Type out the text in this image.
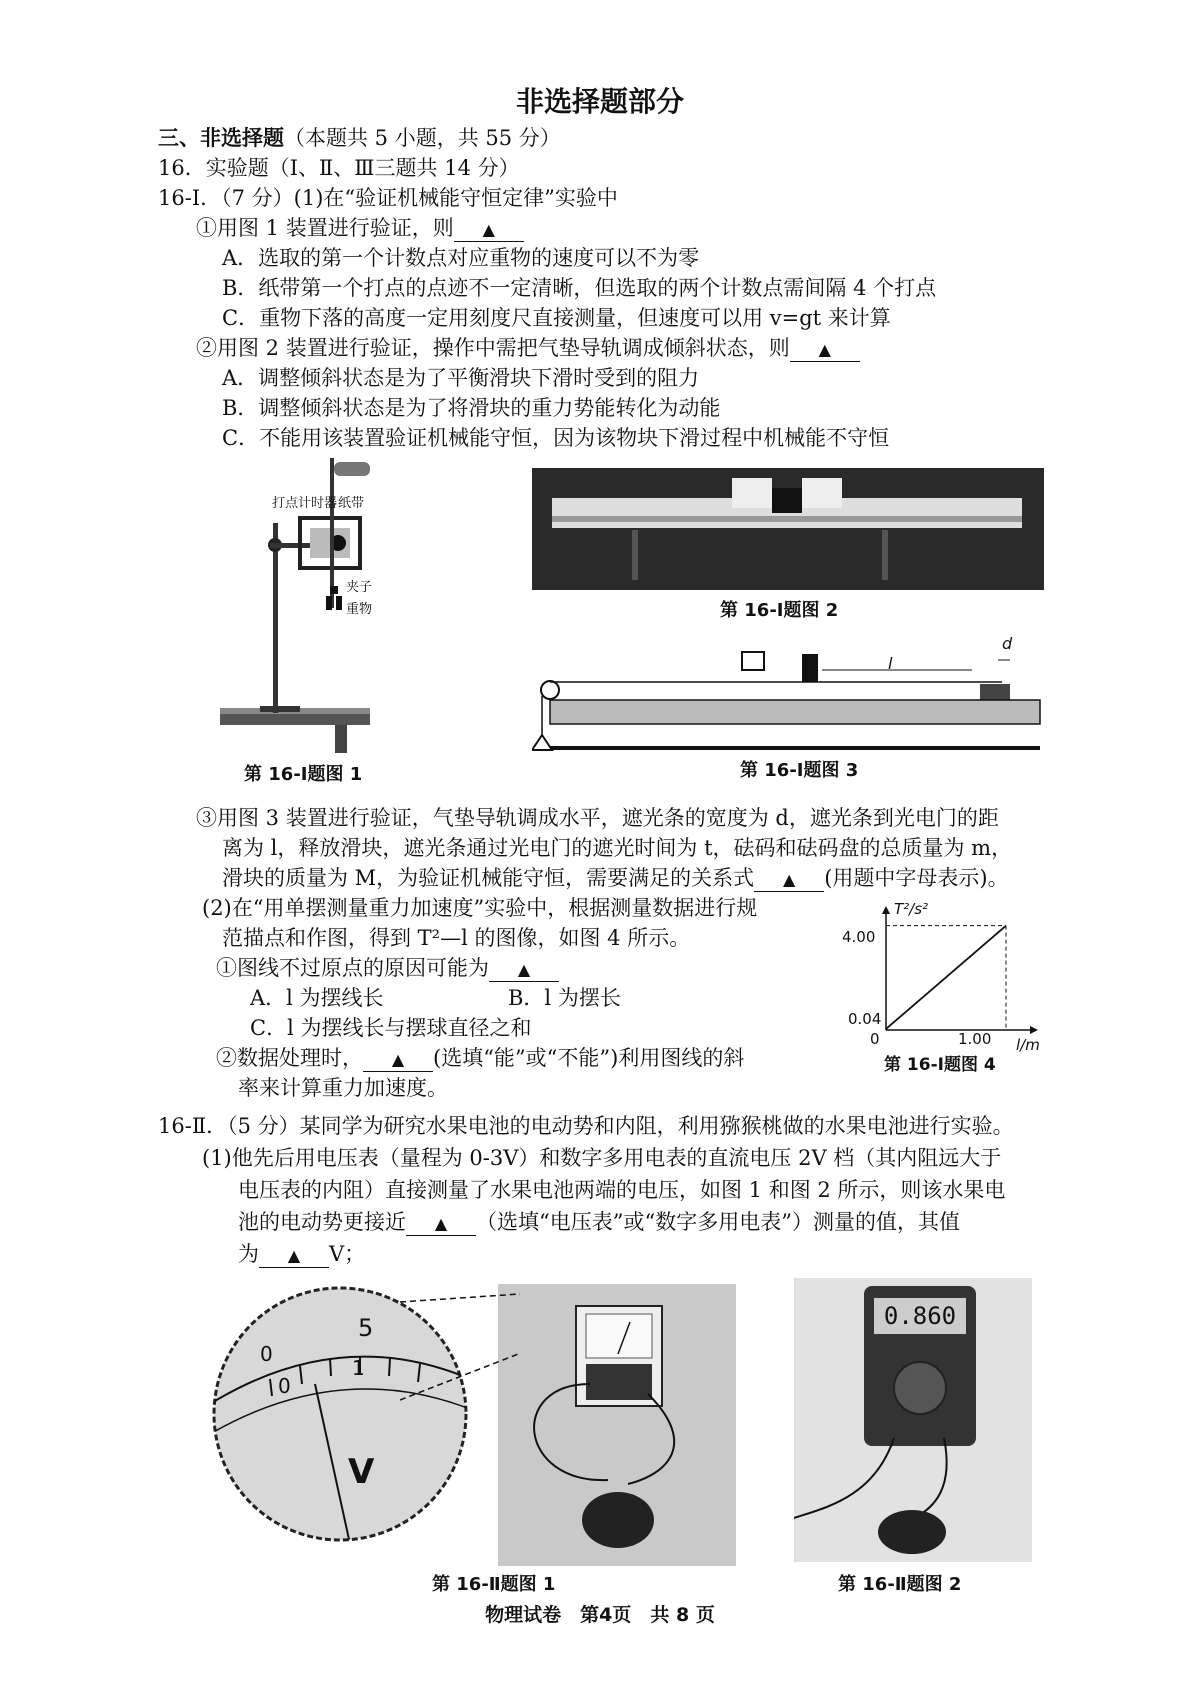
非选择题部分
三、非选择题（本题共 5 小题，共 55 分）
16．实验题（Ⅰ、Ⅱ、Ⅲ三题共 14 分）
16-Ⅰ．（7 分）(1)在“验证机械能守恒定律”实验中
①用图 1 装置进行验证，则 ▲
A．选取的第一个计数点对应重物的速度可以不为零
B．纸带第一个打点的点迹不一定清晰，但选取的两个计数点需间隔 4 个打点
C．重物下落的高度一定用刻度尺直接测量，但速度可以用 v=gt 来计算
②用图 2 装置进行验证，操作中需把气垫导轨调成倾斜状态，则 ▲
A．调整倾斜状态是为了平衡滑块下滑时受到的阻力
B．调整倾斜状态是为了将滑块的重力势能转化为动能
C．不能用该装置验证机械能守恒，因为该物块下滑过程中机械能不守恒
打点计时器 纸带
夹子
重物
第 16-Ⅰ题图 1
第 16-Ⅰ题图 2
l
d
第 16-Ⅰ题图 3
③用图 3 装置进行验证，气垫导轨调成水平，遮光条的宽度为 d，遮光条到光电门的距
离为 l，释放滑块，遮光条通过光电门的遮光时间为 t，砝码和砝码盘的总质量为 m，
滑块的质量为 M，为验证机械能守恒，需要满足的关系式 ▲ (用题中字母表示)。
(2)在“用单摆测量重力加速度”实验中，根据测量数据进行规
范描点和作图，得到 T²—l 的图像，如图 4 所示。
①图线不过原点的原因可能为 ▲
A．l 为摆线长	B．l 为摆长
C．l 为摆线长与摆球直径之和
②数据处理时， ▲ (选填“能”或“不能”)利用图线的斜
率来计算重力加速度。
T²/s²
4.00
0.04
0	1.00 l/m
第 16-Ⅰ题图 4
16-Ⅱ．（5 分）某同学为研究水果电池的电动势和内阻，利用猕猴桃做的水果电池进行实验。
(1)他先后用电压表（量程为 0-3V）和数字多用电表的直流电压 2V 档（其内阻远大于
电压表的内阻）直接测量了水果电池两端的电压，如图 1 和图 2 所示，则该水果电
池的电动势更接近 ▲ （选填“电压表”或“数字多用电表”）测量的值，其值
为 ▲ V；
5
0
0
1
V
第 16-Ⅱ题图 1
0.860
第 16-Ⅱ题图 2
物理试卷　第4页　共 8 页
